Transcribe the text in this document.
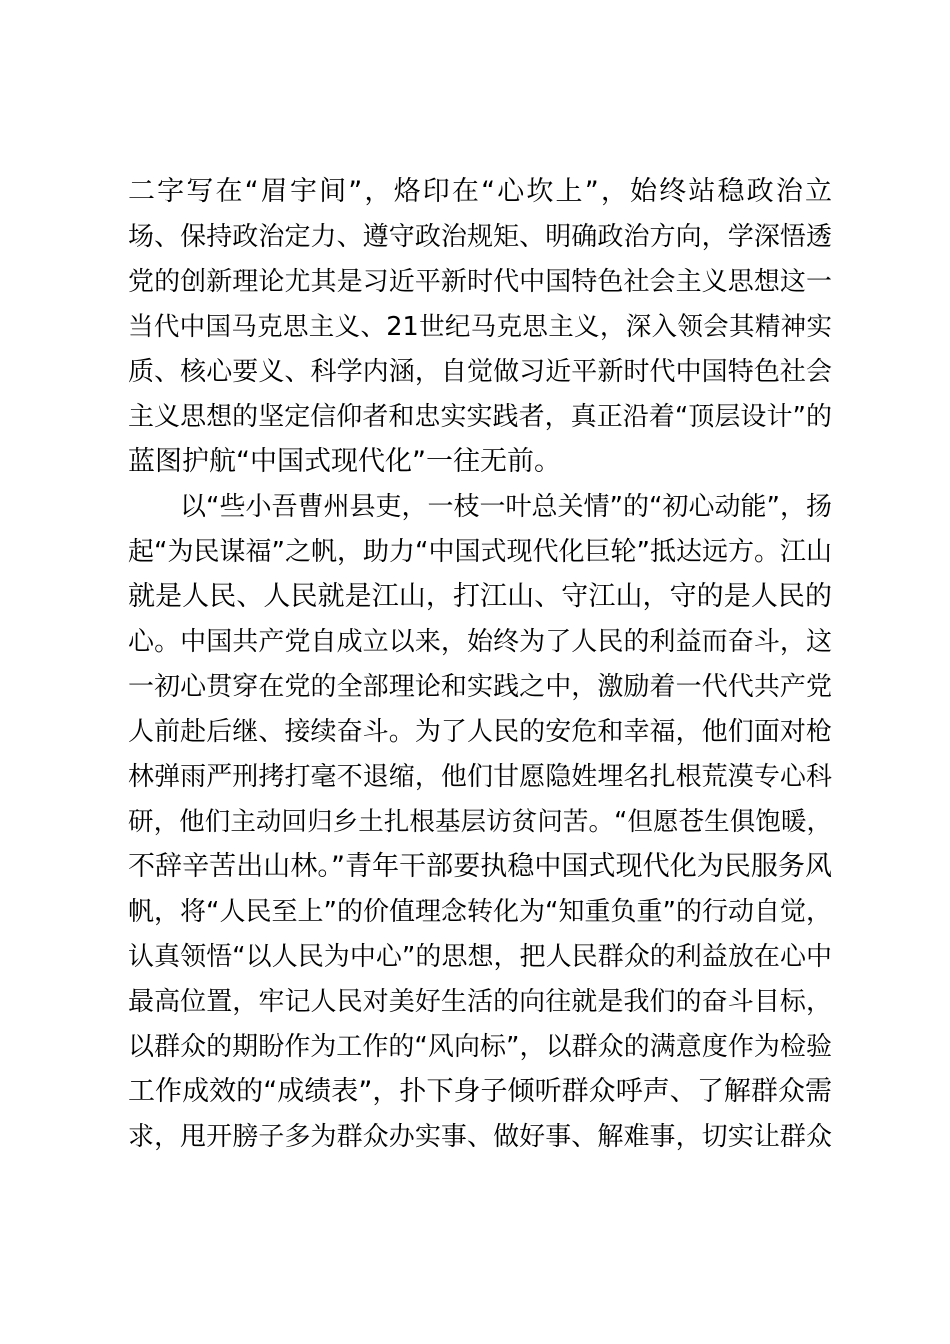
二字写在“眉宇间”，烙印在“心坎上”，始终站稳政治立
场、保持政治定力、遵守政治规矩、明确政治方向，学深悟透
党的创新理论尤其是习近平新时代中国特色社会主义思想这一
当代中国马克思主义、21世纪马克思主义，深入领会其精神实
质、核心要义、科学内涵，自觉做习近平新时代中国特色社会
主义思想的坚定信仰者和忠实实践者，真正沿着“顶层设计”的
蓝图护航“中国式现代化”一往无前。
以“些小吾曹州县吏，一枝一叶总关情”的“初心动能”，扬
起“为民谋福”之帆，助力“中国式现代化巨轮”抵达远方。江山
就是人民、人民就是江山，打江山、守江山，守的是人民的
心。中国共产党自成立以来，始终为了人民的利益而奋斗，这
一初心贯穿在党的全部理论和实践之中，激励着一代代共产党
人前赴后继、接续奋斗。为了人民的安危和幸福，他们面对枪
林弹雨严刑拷打毫不退缩，他们甘愿隐姓埋名扎根荒漠专心科
研，他们主动回归乡土扎根基层访贫问苦。“但愿苍生俱饱暖，
不辞辛苦出山林。”青年干部要执稳中国式现代化为民服务风
帆，将“人民至上”的价值理念转化为“知重负重”的行动自觉，
认真领悟“以人民为中心”的思想，把人民群众的利益放在心中
最高位置，牢记人民对美好生活的向往就是我们的奋斗目标，
以群众的期盼作为工作的“风向标”，以群众的满意度作为检验
工作成效的“成绩表”，扑下身子倾听群众呼声、了解群众需
求，甩开膀子多为群众办实事、做好事、解难事，切实让群众
